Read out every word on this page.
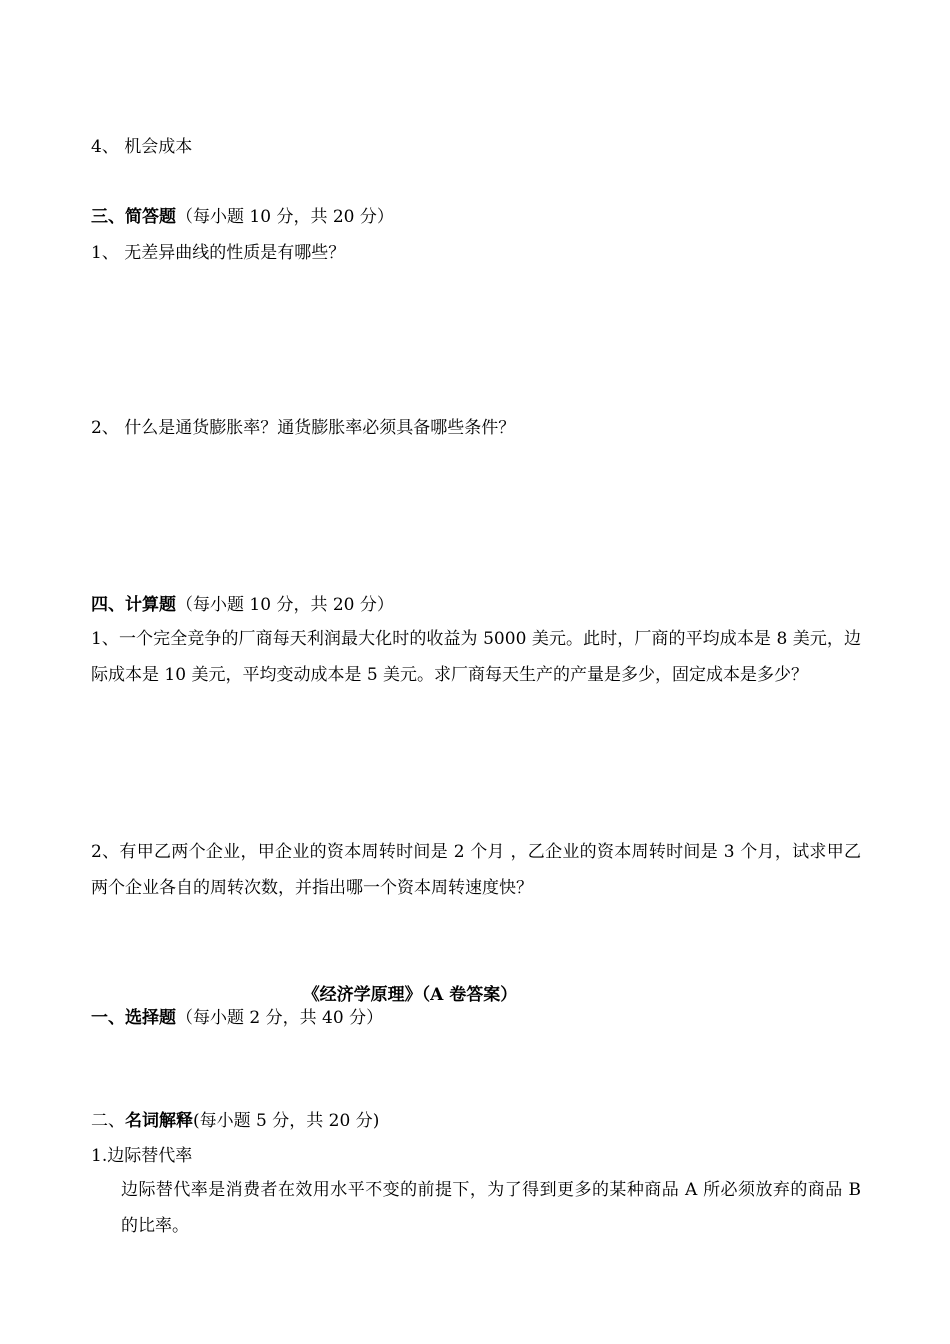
4、 机会成本
三、简答题（每小题 10 分，共 20 分）
1、 无差异曲线的性质是有哪些？
2、 什么是通货膨胀率？通货膨胀率必须具备哪些条件？
四、计算题（每小题 10 分，共 20 分）
1、一个完全竞争的厂商每天利润最大化时的收益为 5000 美元。此时，厂商的平均成本是 8 美元，边际成本是 10 美元，平均变动成本是 5 美元。求厂商每天生产的产量是多少，固定成本是多少？
2、有甲乙两个企业，甲企业的资本周转时间是 2 个月 ，乙企业的资本周转时间是 3 个月，试求甲乙两个企业各自的周转次数，并指出哪一个资本周转速度快？
《经济学原理》（A 卷答案）
一、选择题（每小题 2 分，共 40 分）
二、名词解释(每小题 5 分，共 20 分)
1.边际替代率
边际替代率是消费者在效用水平不变的前提下，为了得到更多的某种商品 A 所必须放弃的商品 B 的比率。
